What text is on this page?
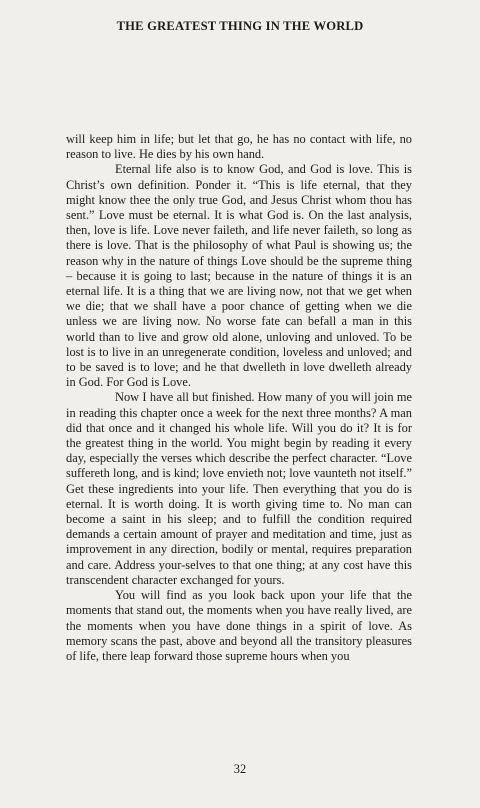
THE GREATEST THING IN THE WORLD

will keep him in life; but let that go, he has no contact with life, no reason to live. He dies by his own hand.

Eternal life also is to know God, and God is love. This is Christ’s own definition. Ponder it. “This is life eternal, that they might know thee the only true God, and Jesus Christ whom thou has sent.” Love must be eternal. It is what God is. On the last analysis, then, love is life. Love never faileth, and life never faileth, so long as there is love. That is the philosophy of what Paul is showing us; the reason why in the nature of things Love should be the supreme thing – because it is going to last; because in the nature of things it is an eternal life. It is a thing that we are living now, not that we get when we die; that we shall have a poor chance of getting when we die unless we are living now. No worse fate can befall a man in this world than to live and grow old alone, unloving and unloved. To be lost is to live in an unregenerate condition, loveless and unloved; and to be saved is to love; and he that dwelleth in love dwelleth already in God. For God is Love.

Now I have all but finished. How many of you will join me in reading this chapter once a week for the next three months? A man did that once and it changed his whole life. Will you do it? It is for the greatest thing in the world. You might begin by reading it every day, especially the verses which describe the perfect character. “Love suffereth long, and is kind; love envieth not; love vaunteth not itself.” Get these ingredients into your life. Then everything that you do is eternal. It is worth doing. It is worth giving time to. No man can become a saint in his sleep; and to fulfill the condition required demands a certain amount of prayer and meditation and time, just as improvement in any direction, bodily or mental, requires preparation and care. Address your-selves to that one thing; at any cost have this transcendent character exchanged for yours.

You will find as you look back upon your life that the moments that stand out, the moments when you have really lived, are the moments when you have done things in a spirit of love. As memory scans the past, above and beyond all the transitory pleasures of life, there leap forward those supreme hours when you

32
